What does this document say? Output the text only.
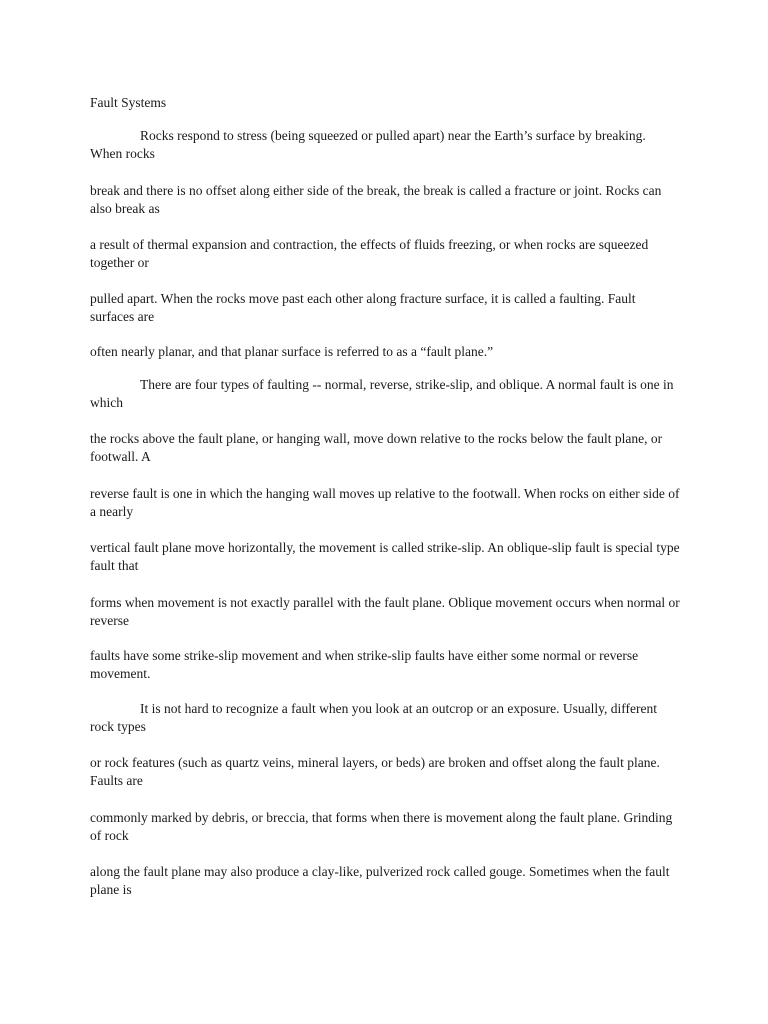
Fault Systems

Rocks respond to stress (being squeezed or pulled apart) near the Earth’s surface by breaking. When rocks

break and there is no offset along either side of the break, the break is called a fracture or joint. Rocks can also break as

a result of thermal expansion and contraction, the effects of fluids freezing, or when rocks are squeezed together or

pulled apart. When the rocks move past each other along fracture surface, it is called a faulting. Fault surfaces are

often nearly planar, and that planar surface is referred to as a “fault plane.”

There are four types of faulting -- normal, reverse, strike-slip, and oblique. A normal fault is one in which

the rocks above the fault plane, or hanging wall, move down relative to the rocks below the fault plane, or footwall. A

reverse fault is one in which the hanging wall moves up relative to the footwall. When rocks on either side of a nearly

vertical fault plane move horizontally, the movement is called strike-slip. An oblique-slip fault is special type fault that

forms when movement is not exactly parallel with the fault plane. Oblique movement occurs when normal or reverse

faults have some strike-slip movement and when strike-slip faults have either some normal or reverse movement.

It is not hard to recognize a fault when you look at an outcrop or an exposure. Usually, different rock types

or rock features (such as quartz veins, mineral layers, or beds) are broken and offset along the fault plane. Faults are

commonly marked by debris, or breccia, that forms when there is movement along the fault plane. Grinding of rock

along the fault plane may also produce a clay-like, pulverized rock called gouge. Sometimes when the fault plane is
